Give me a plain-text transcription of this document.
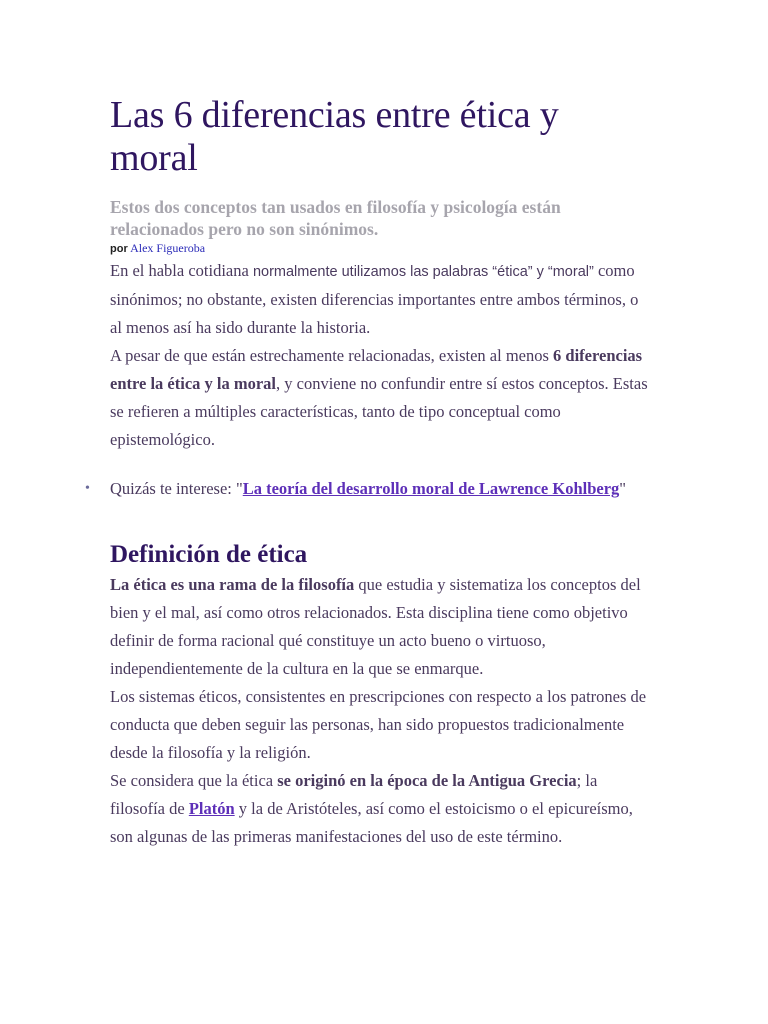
Las 6 diferencias entre ética y moral

Estos dos conceptos tan usados en filosofía y psicología están relacionados pero no son sinónimos.

por Alex Figueroba

En el habla cotidiana normalmente utilizamos las palabras “ética” y “moral” como sinónimos; no obstante, existen diferencias importantes entre ambos términos, o al menos así ha sido durante la historia.

A pesar de que están estrechamente relacionadas, existen al menos 6 diferencias entre la ética y la moral, y conviene no confundir entre sí estos conceptos. Estas se refieren a múltiples características, tanto de tipo conceptual como epistemológico.

• Quizás te interese: "La teoría del desarrollo moral de Lawrence Kohlberg"
Definición de ética

La ética es una rama de la filosofía que estudia y sistematiza los conceptos del bien y el mal, así como otros relacionados. Esta disciplina tiene como objetivo definir de forma racional qué constituye un acto bueno o virtuoso, independientemente de la cultura en la que se enmarque.

Los sistemas éticos, consistentes en prescripciones con respecto a los patrones de conducta que deben seguir las personas, han sido propuestos tradicionalmente desde la filosofía y la religión.

Se considera que la ética se originó en la época de la Antigua Grecia; la filosofía de Platón y la de Aristóteles, así como el estoicismo o el epicureísmo, son algunas de las primeras manifestaciones del uso de este término.
